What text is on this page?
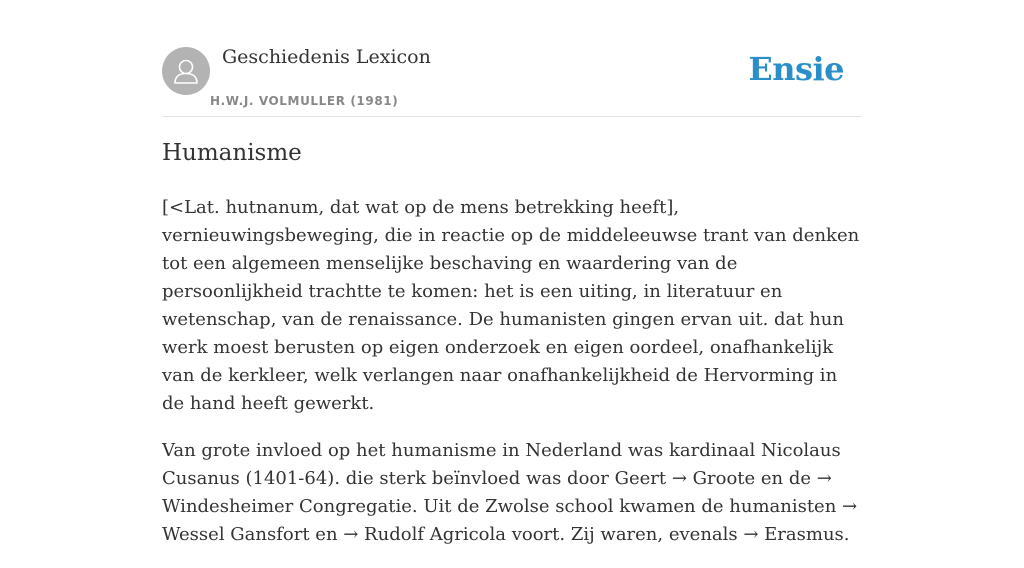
Geschiedenis Lexicon
H.W.J. VOLMULLER (1981)
Ensie
Humanisme

[<Lat. hutnanum, dat wat op de mens betrekking heeft], vernieuwingsbeweging, die in reactie op de middeleeuwse trant van denken tot een algemeen menselijke beschaving en waardering van de persoonlijkheid trachtte te komen: het is een uiting, in literatuur en wetenschap, van de renaissance. De humanisten gingen ervan uit. dat hun werk moest berusten op eigen onderzoek en eigen oordeel, onafhankelijk van de kerkleer, welk verlangen naar onafhankelijkheid de Hervorming in de hand heeft gewerkt.

Van grote invloed op het humanisme in Nederland was kardinaal Nicolaus Cusanus (1401-64). die sterk beïnvloed was door Geert → Groote en de → Windesheimer Congregatie. Uit de Zwolse school kwamen de humanisten → Wessel Gansfort en → Rudolf Agricola voort. Zij waren, evenals → Erasmus.
